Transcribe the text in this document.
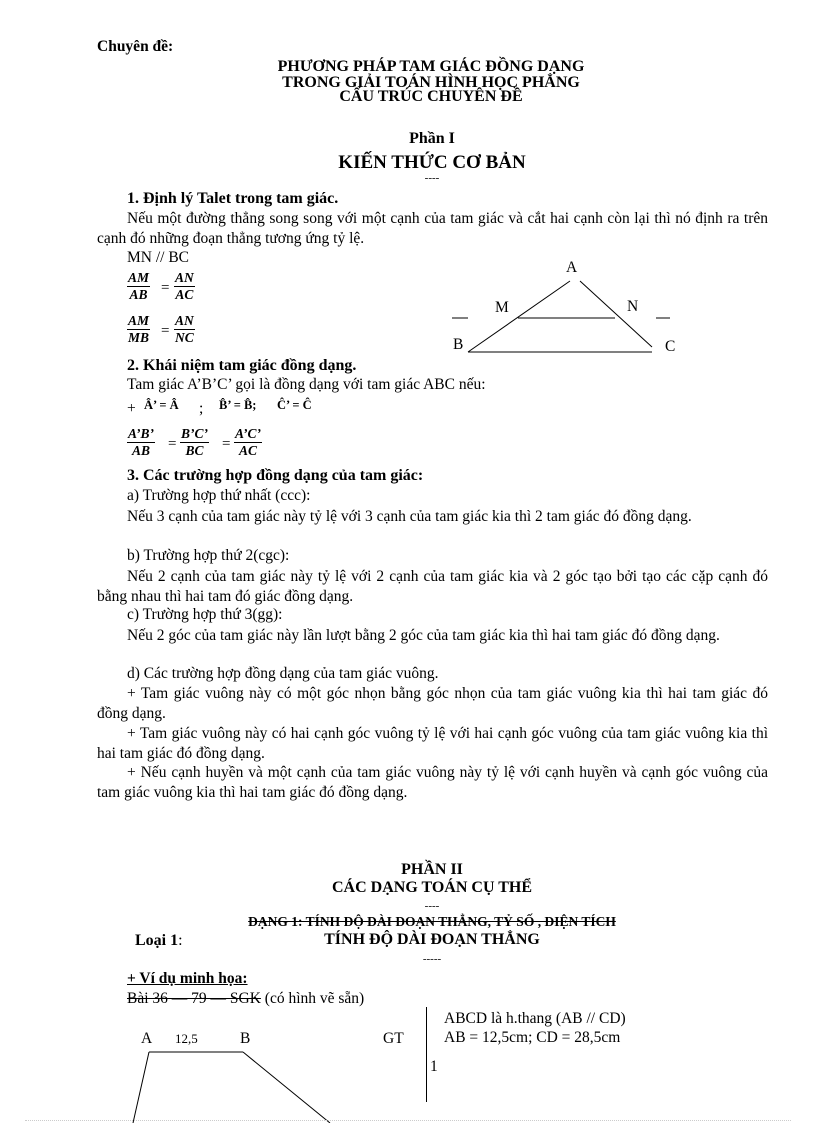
Chuyên đề:
PHƯƠNG PHÁP TAM GIÁC ĐỒNG DẠNG
TRONG GIẢI TOÁN HÌNH HỌC PHẲNG
CẤU TRÚC CHUYÊN ĐỀ
Phần I
KIẾN THỨC CƠ BẢN
----
1. Định lý Talet trong tam giác.
Nếu một đường thẳng song song với một cạnh của tam giác và cắt hai cạnh còn lại thì nó định ra trên cạnh đó những đoạn thẳng tương ứng tỷ lệ.
MN // BC
$\frac{AM}{AB} = \frac{AN}{AC}$
$\frac{AM}{MB} = \frac{AN}{NC}$
A
M	N
B	C
2. Khái niệm tam giác đồng dạng.
Tam giác A’B’C’ gọi là đồng dạng với tam giác ABC nếu:
+ Â’ = Â ; B̂’ = B̂; Ĉ’ = Ĉ
$\frac{A’B’}{AB} = \frac{B’C’}{BC} = \frac{A’C’}{AC}$
3. Các trường hợp đồng dạng của tam giác:
a) Trường hợp thứ nhất (ccc):
Nếu 3 cạnh của tam giác này tỷ lệ với 3 cạnh của tam giác kia thì 2 tam giác đó đồng dạng.
b) Trường hợp thứ 2(cgc):
Nếu 2 cạnh của tam giác này tỷ lệ với 2 cạnh của tam giác kia và 2 góc tạo bởi tạo các cặp cạnh đó bằng nhau thì hai tam đó giác đồng dạng.
c) Trường hợp thứ 3(gg):
Nếu 2 góc của tam giác này lần lượt bằng 2 góc của tam giác kia thì hai tam giác đó đồng dạng.
d) Các trường hợp đồng dạng của tam giác vuông.
+ Tam giác vuông này có một góc nhọn bằng góc nhọn của tam giác vuông kia thì hai tam giác đó đồng dạng.
+ Tam giác vuông này có hai cạnh góc vuông tỷ lệ với hai cạnh góc vuông của tam giác vuông kia thì hai tam giác đó đồng dạng.
+ Nếu cạnh huyền và một cạnh của tam giác vuông này tỷ lệ với cạnh huyền và cạnh góc vuông của tam giác vuông kia thì hai tam giác đó đồng dạng.
PHẦN II
CÁC DẠNG TOÁN CỤ THỂ
----
DẠNG 1: TÍNH ĐỘ DÀI ĐOẠN THẲNG, TỶ SỐ , DIỆN TÍCH
Loại 1:	TÍNH ĐỘ DÀI ĐOẠN THẲNG
-----
+ Ví dụ minh họa:
Bài 36 — 79 — SGK (có hình vẽ sẵn)
A 12,5	B	GT
ABCD là h.thang (AB // CD)
AB = 12,5cm; CD = 28,5cm
1
